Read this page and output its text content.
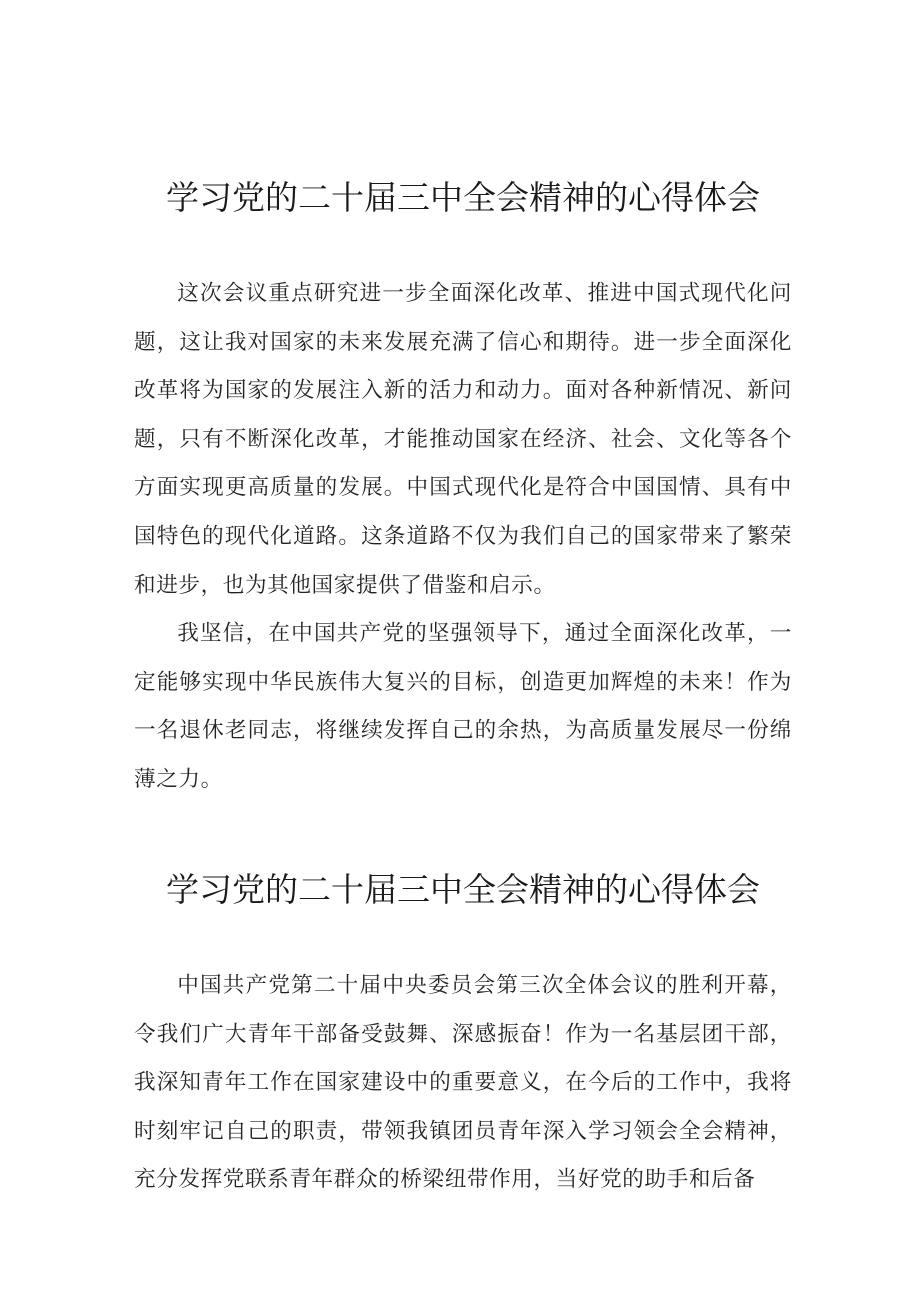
学习党的二十届三中全会精神的心得体会

这次会议重点研究进一步全面深化改革、推进中国式现代化问题，这让我对国家的未来发展充满了信心和期待。进一步全面深化改革将为国家的发展注入新的活力和动力。面对各种新情况、新问题，只有不断深化改革，才能推动国家在经济、社会、文化等各个方面实现更高质量的发展。中国式现代化是符合中国国情、具有中国特色的现代化道路。这条道路不仅为我们自己的国家带来了繁荣和进步，也为其他国家提供了借鉴和启示。

我坚信，在中国共产党的坚强领导下，通过全面深化改革，一定能够实现中华民族伟大复兴的目标，创造更加辉煌的未来！作为一名退休老同志，将继续发挥自己的余热，为高质量发展尽一份绵薄之力。

学习党的二十届三中全会精神的心得体会

中国共产党第二十届中央委员会第三次全体会议的胜利开幕，令我们广大青年干部备受鼓舞、深感振奋！作为一名基层团干部，我深知青年工作在国家建设中的重要意义，在今后的工作中，我将时刻牢记自己的职责，带领我镇团员青年深入学习领会全会精神，充分发挥党联系青年群众的桥梁纽带作用，当好党的助手和后备
